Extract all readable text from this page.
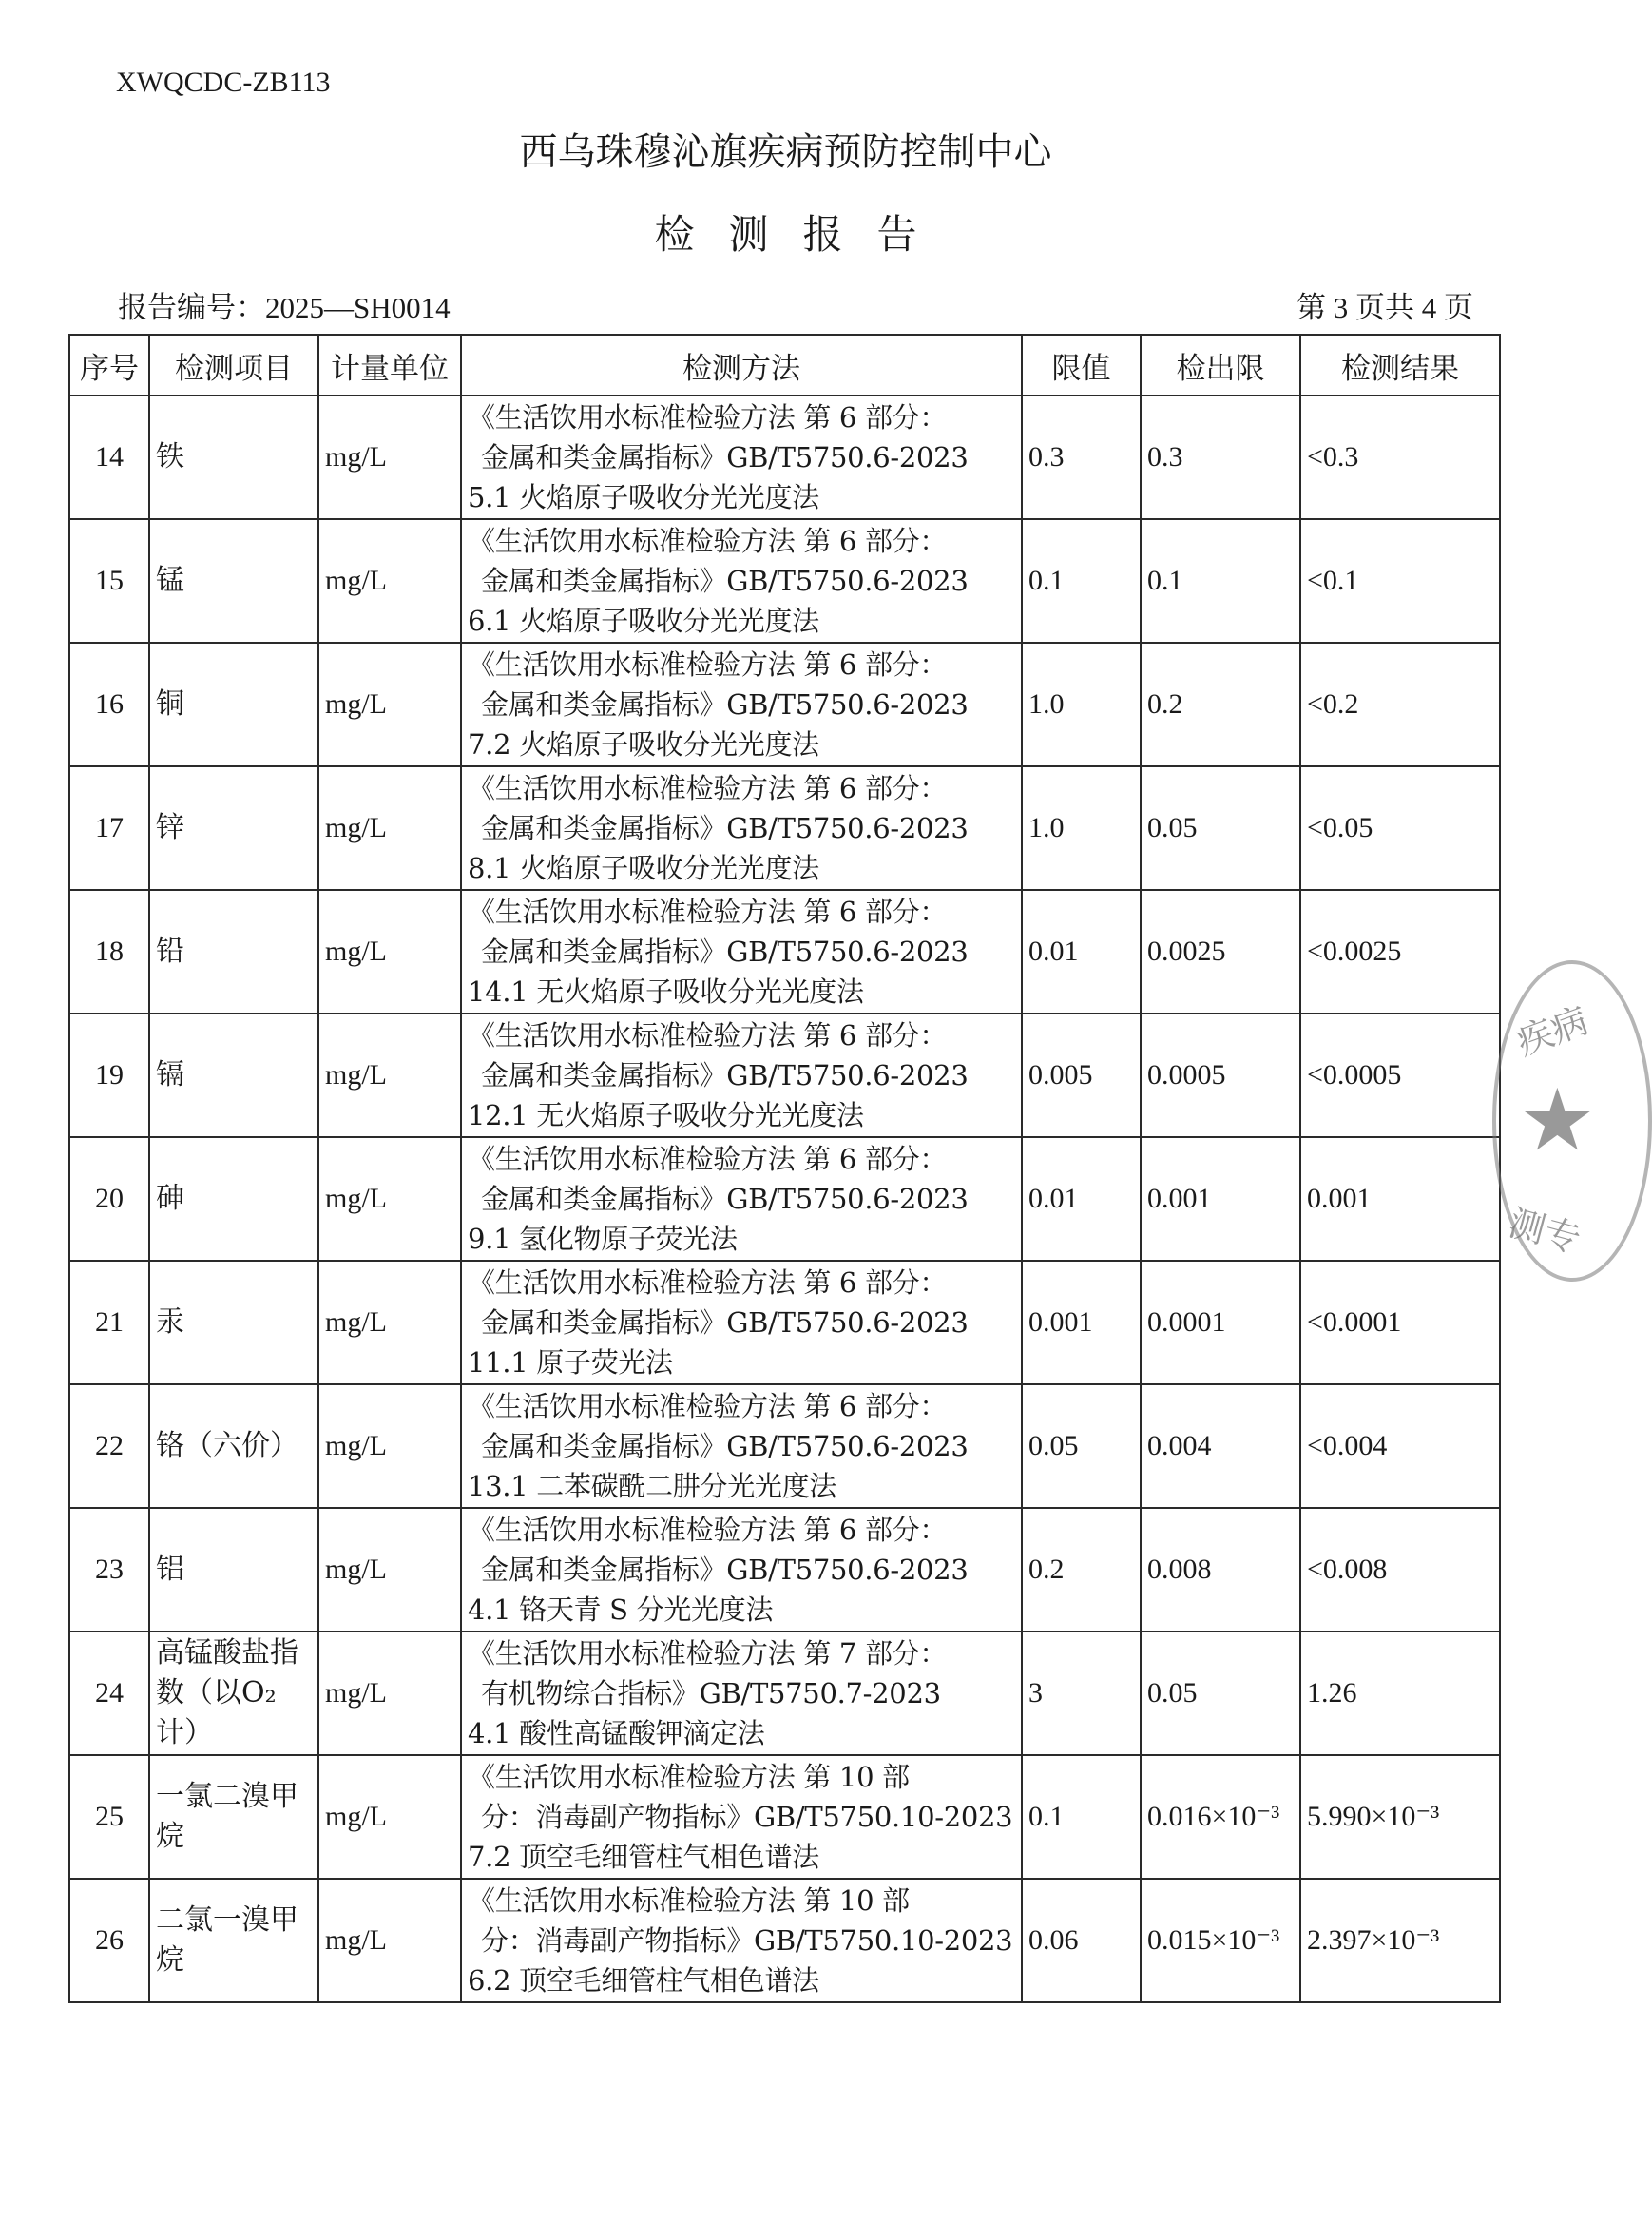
XWQCDC-ZB113
西乌珠穆沁旗疾病预防控制中心
检测报告
报告编号：2025—SH0014	第 3 页共 4 页
序号	检测项目	计量单位	检测方法	限值	检出限	检测结果
14	铁	mg/L	《生活饮用水标准检验方法 第 6 部分：
金属和类金属指标》GB/T5750.6-2023
5.1 火焰原子吸收分光光度法	0.3	0.3	<0.3
15	锰	mg/L	《生活饮用水标准检验方法 第 6 部分：
金属和类金属指标》GB/T5750.6-2023
6.1 火焰原子吸收分光光度法	0.1	0.1	<0.1
16	铜	mg/L	《生活饮用水标准检验方法 第 6 部分：
金属和类金属指标》GB/T5750.6-2023
7.2 火焰原子吸收分光光度法	1.0	0.2	<0.2
17	锌	mg/L	《生活饮用水标准检验方法 第 6 部分：
金属和类金属指标》GB/T5750.6-2023
8.1 火焰原子吸收分光光度法	1.0	0.05	<0.05
18	铅	mg/L	《生活饮用水标准检验方法 第 6 部分：
金属和类金属指标》GB/T5750.6-2023
14.1 无火焰原子吸收分光光度法	0.01	0.0025	<0.0025
19	镉	mg/L	《生活饮用水标准检验方法 第 6 部分：
金属和类金属指标》GB/T5750.6-2023
12.1 无火焰原子吸收分光光度法	0.005	0.0005	<0.0005
20	砷	mg/L	《生活饮用水标准检验方法 第 6 部分：
金属和类金属指标》GB/T5750.6-2023
9.1 氢化物原子荧光法	0.01	0.001	0.001
21	汞	mg/L	《生活饮用水标准检验方法 第 6 部分：
金属和类金属指标》GB/T5750.6-2023
11.1 原子荧光法	0.001	0.0001	<0.0001
22	铬（六价）	mg/L	《生活饮用水标准检验方法 第 6 部分：
金属和类金属指标》GB/T5750.6-2023
13.1 二苯碳酰二肼分光光度法	0.05	0.004	<0.004
23	铝	mg/L	《生活饮用水标准检验方法 第 6 部分：
金属和类金属指标》GB/T5750.6-2023
4.1 铬天青 S 分光光度法	0.2	0.008	<0.008
24	高锰酸盐指数（以O₂计）	mg/L	《生活饮用水标准检验方法 第 7 部分：
有机物综合指标》GB/T5750.7-2023
4.1 酸性高锰酸钾滴定法	3	0.05	1.26
25	一氯二溴甲烷	mg/L	《生活饮用水标准检验方法 第 10 部
分：消毒副产物指标》GB/T5750.10-2023
7.2 顶空毛细管柱气相色谱法	0.1	0.016×10⁻³	5.990×10⁻³
26	二氯一溴甲烷	mg/L	《生活饮用水标准检验方法 第 10 部
分：消毒副产物指标》GB/T5750.10-2023
6.2 顶空毛细管柱气相色谱法	0.06	0.015×10⁻³	2.397×10⁻³
疾病
★
测专
